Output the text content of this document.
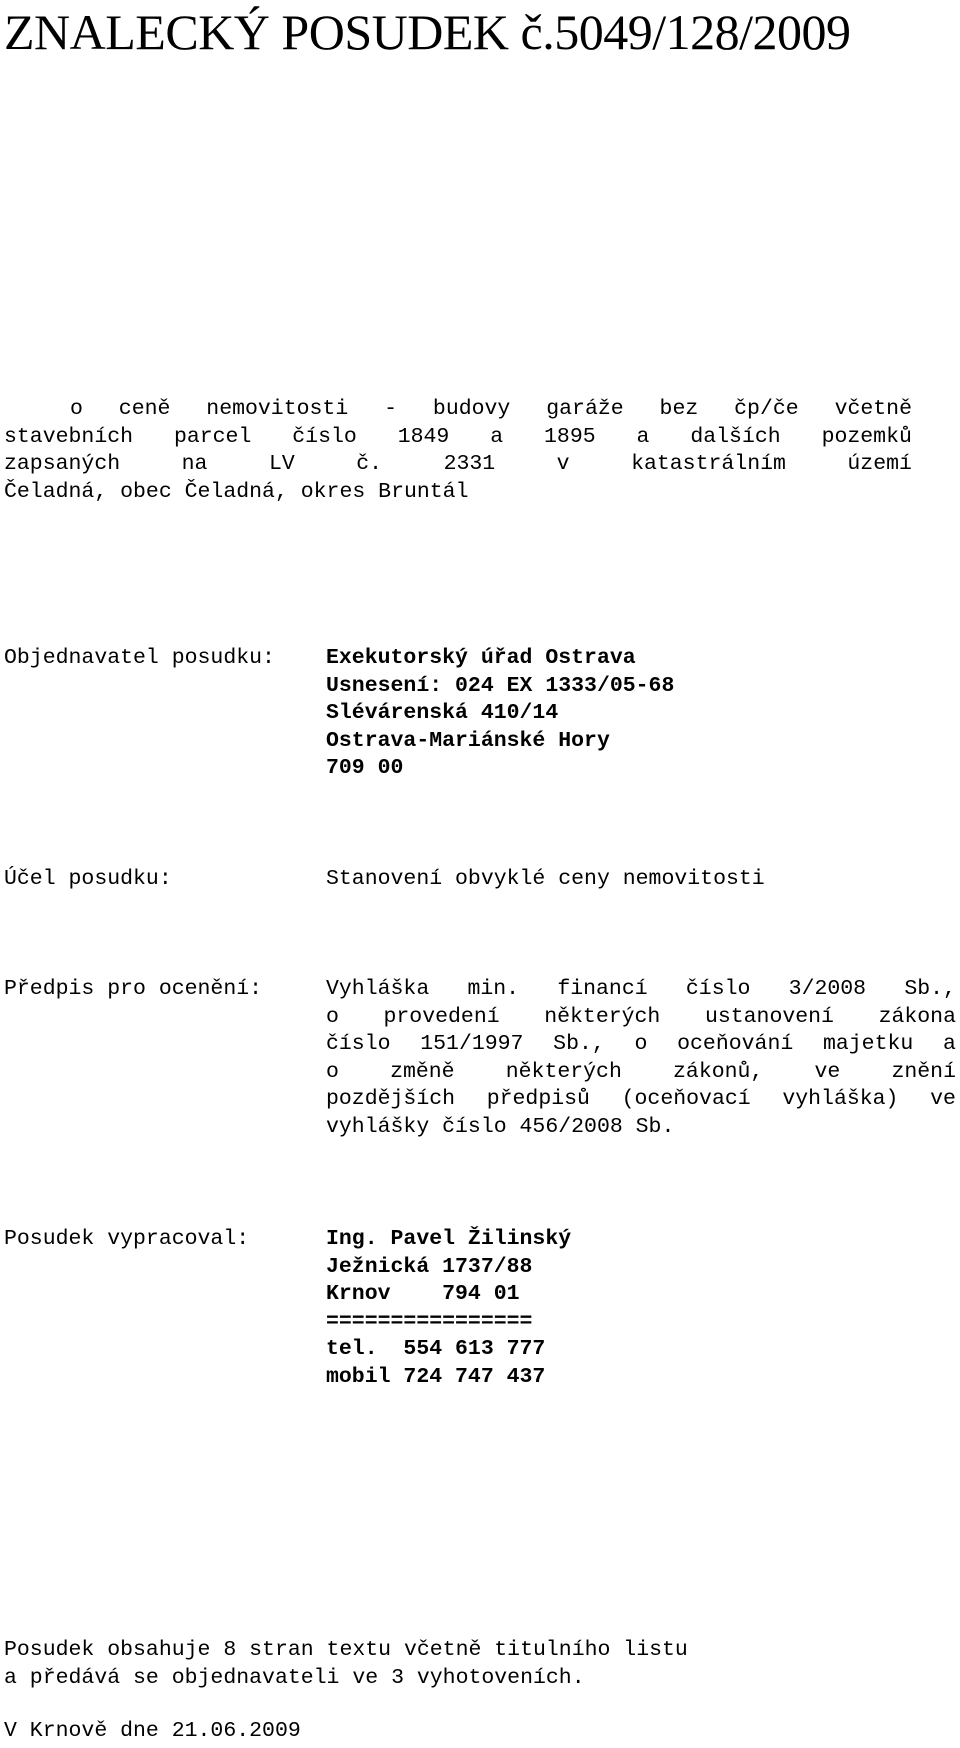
ZNALECKÝ POSUDEK č.5049/128/2009
o ceně nemovitosti - budovy garáže bez čp/če včetně
stavebních parcel číslo 1849 a 1895 a dalších pozemků
zapsaných	na	LV	č.	2331	v	katastrálním	území
Čeladná, obec Čeladná, okres Bruntál
Objednavatel posudku:	Exekutorský úřad Ostrava
Usnesení: 024 EX 1333/05-68
Slévárenská 410/14
Ostrava-Mariánské Hory
709 00
Účel posudku:	Stanovení obvyklé ceny nemovitosti
Předpis pro ocenění:	Vyhláška min. financí číslo 3/2008 Sb.,
o provedení některých ustanovení zákona
číslo 151/1997 Sb., o oceňování majetku a
o změně některých zákonů, ve znění
pozdějších předpisů (oceňovací vyhláška) ve
vyhlášky číslo 456/2008 Sb.
Posudek vypracoval:	Ing. Pavel Žilinský
Ježnická 1737/88
Krnov    794 01
================
tel.  554 613 777
mobil 724 747 437
Posudek obsahuje 8 stran textu včetně titulního listu
a předává se objednavateli ve 3 vyhotoveních.
V Krnově dne 21.06.2009
